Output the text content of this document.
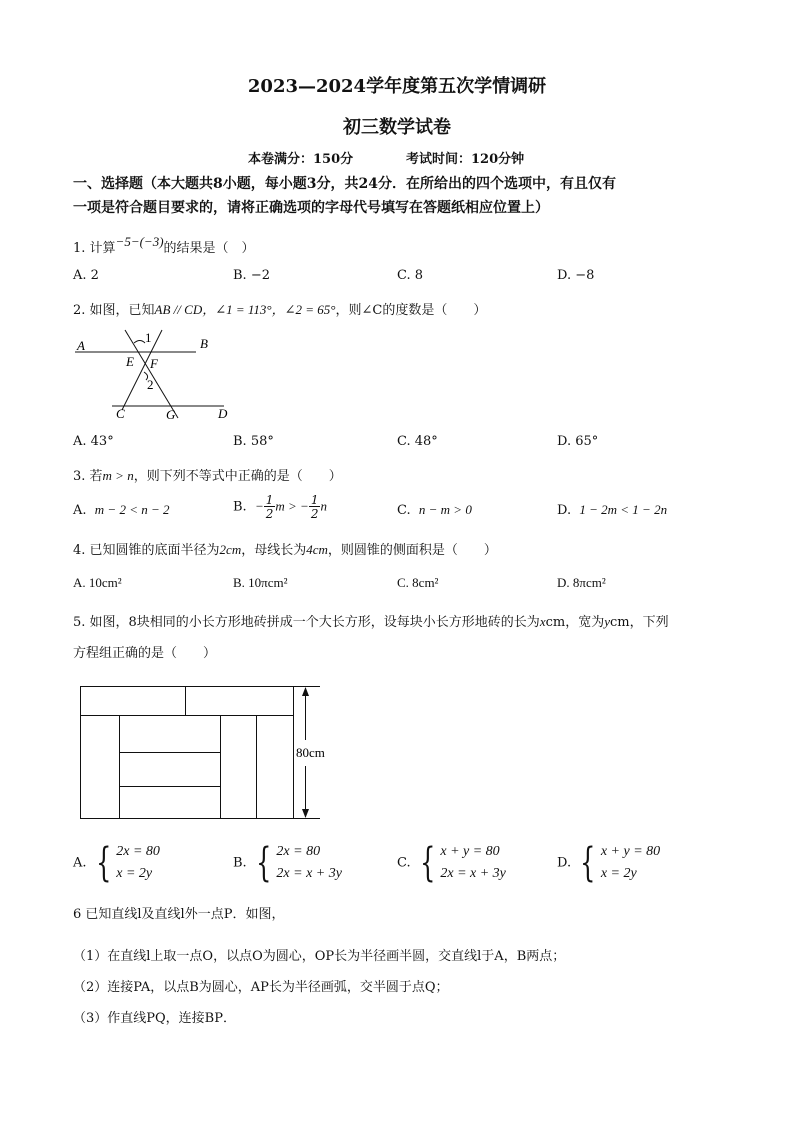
2023—2024学年度第五次学情调研
初三数学试卷
本卷满分：150分	考试时间：120分钟
一、选择题（本大题共8小题，每小题3分，共24分．在所给出的四个选项中，有且仅有
一项是符合题目要求的，请将正确选项的字母代号填写在答题纸相应位置上）
1. 计算−5−(−3)的结果是（　）
A. 2	B. −2	C. 8	D. −8
2. 如图，已知AB // CD，∠1 = 113°，∠2 = 65°，则∠C的度数是（　　）
A	B
C	D
E F
G
1
2
A. 43°	B. 58°	C. 48°	D. 65°
3. 若m > n，则下列不等式中正确的是（　　）
A. m − 2 < n − 2	B. − $\frac{1}{2}$ m > − $\frac{1}{2}$ n	C. n − m > 0	D. 1 − 2m < 1 − 2n
4. 已知圆锥的底面半径为2cm，母线长为4cm，则圆锥的侧面积是（　　）
A. 10cm²	B. 10πcm²	C. 8cm²	D. 8πcm²
5. 如图，8块相同的小长方形地砖拼成一个大长方形，设每块小长方形地砖的长为xcm，宽为ycm，下列
方程组正确的是（　　）
80cm
A. { 2x = 80
x = 2y
B. { 2x = 80
2x = x + 3y
C. { x + y = 80
2x = x + 3y
D. { x + y = 80
x = 2y
6 已知直线l及直线l外一点P．如图，
（1）在直线l上取一点O，以点O为圆心，OP长为半径画半圆，交直线l于A，B两点；
（2）连接PA，以点B为圆心，AP长为半径画弧，交半圆于点Q；
（3）作直线PQ，连接BP．
